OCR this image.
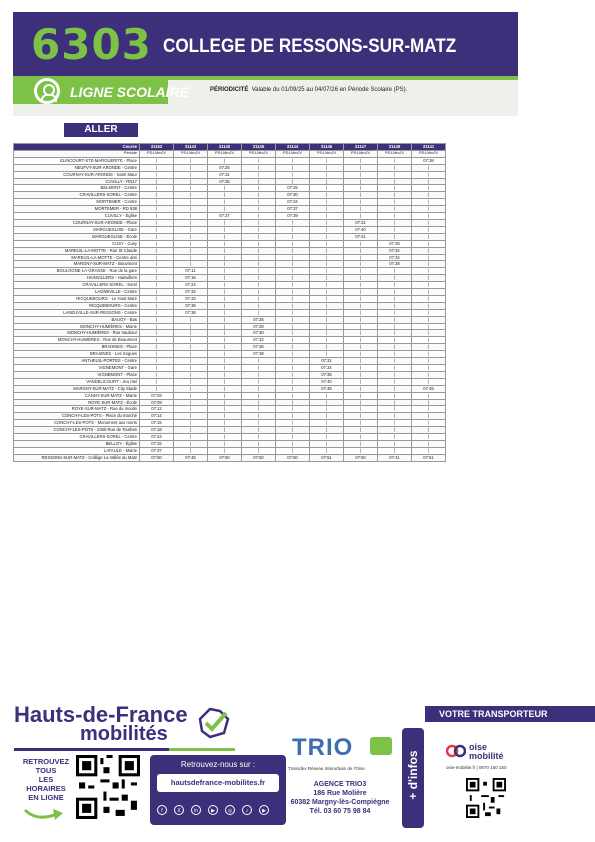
6303 COLLEGE DE RESSONS-SUR-MATZ
LIGNE SCOLAIRE	PÉRIODICITÉ Valable du 01/09/25 au 04/07/26 en Période Scolaire (PS).
ALLER
Course	31162	31143	31140	31145	31144	31146	31147	31149	31141
Période	PS:LMmJV	PS:LMmJV	PS:LMmJV	PS:LMmJV	PS:LMmJV	PS:LMmJV	PS:LMmJV	PS:LMmJV	PS:LMmJV
ELINCOURT-STE-MARGUERITE - Place	|	|	|	|	|	|	|	|	07:38
NEUFVY-SUR-ARONDE - Centre	|	|	07:25	|	|	|	|	|	|
COURNAY-SUR-ARONDE - Saint Maur	|	|	07:31	|	|	|	|	|	|
CUVILLY - RN17	|	|	07:35	|	|	|	|	|	|
BELMONT - Centre	|	|	|	|	07:25	|	|	|	|
CRAVILLERS-SOREL - Centre	|	|	|	|	07:30	|	|	|	|
MORTEMER - Centre	|	|	|	|	07:34	|	|	|	|
MORTEMER - RD 938	|	|	|	|	07:37	|	|	|	|
CUVILLY - Église	|	|	07:37	|	07:39	|	|	|	|
COURNAY-SUR-ARONDE - Place	|	|	|	|	|	|	07:31	|	|
MARGUEGLISE - Gare	|	|	|	|	|	|	07:40	|	|
MARGUEGLISE - École	|	|	|	|	|	|	07:41	|	|
CUSY - Cusy	|	|	|	|	|	|	|	07:26	|
MAREUIL-LA-MOTTE - Rue St Claude	|	|	|	|	|	|	|	07:32	|
MAREUIL-LA-MOTTE - Centre abri	|	|	|	|	|	|	|	07:34	|
MARGNY-SUR-MATZ - Bouvmont	|	|	|	|	|	|	|	07:38	|
BOULOGNE-LA-GRASSE - Rue de la gare	|	07:11	|	|	|	|	|	|	|
HAINVILLERS - Hainvillers	|	07:16	|	|	|	|	|	|	|
CRAVILLERS-SOREL - Sorel	|	07:24	|	|	|	|	|	|	|
LAGNEVILLE - Centre	|	07:32	|	|	|	|	|	|	|
RICQUEBOURG - Le Haut Maré	|	07:33	|	|	|	|	|	|	|
RICQUEBOURG - Centre	|	07:36	|	|	|	|	|	|	|
LANEUVILLE-SUR-RESSONS - Centre	|	07:38	|	|	|	|	|	|	|
BAUGY - Bas	|	|	|	07:25	|	|	|	|	|
MONCHY-HUMIÈRES - Mairie	|	|	|	07:28	|	|	|	|	|
MONCHY-HUMIÈRES - Rue Vaubour	|	|	|	07:30	|	|	|	|	|
MONCHY-HUMIÈRES - Rue de Beaumont	|	|	|	07:32	|	|	|	|	|
BRAISNES - Place	|	|	|	07:36	|	|	|	|	|
BRAISNES - Les Sogues	|	|	|	07:38	|	|	|	|	|
ANTHEUIL-PORTES - Centre	|	|	|	|	|	07:31	|	|	|
VIGNEMONT - Gare	|	|	|	|	|	07:34	|	|	|
VIGNEMONT - Place	|	|	|	|	|	07:36	|	|	|
VANDELICOURT - Jeu ritel	|	|	|	|	|	07:40	|	|	|
MARGNY-SUR-MATZ - City Stade	|	|	|	|	|	07:46	|	|	07:45
CANNY-SUR-MATZ - Mairie	07:03	|	|	|	|	|	|	|	|
ROYE-SUR-MATZ - École	07:09	|	|	|	|	|	|	|	|
ROYE-SUR-MATZ - Rue du moulin	07:12	|	|	|	|	|	|	|	|
CONCHY-LES-POTS - Place du marché	07:14	|	|	|	|	|	|	|	|
CONCHY-LES-POTS - Monument aux morts	07:15	|	|	|	|	|	|	|	|
CONCHY-LES-POTS - 2300 Rue de Tourbes	07:18	|	|	|	|	|	|	|	|
CRAVILLERS-SOREL - Centre	07:24	|	|	|	|	|	|	|	|
BELLOY - Église	07:32	|	|	|	|	|	|	|	|
LATAULE - Mairie	07:37	|	|	|	|	|	|	|	|
RESSONS-SUR-MATZ - Collège La Vallée du Matz	07:50	07:45	07:50	07:50	07:50	07:51	07:50	07:41	07:51
Hauts-de-France
mobilités
VOTRE TRANSPORTEUR
RETROUVEZ
TOUS
LES HORAIRES
EN LIGNE
Retrouvez-nous sur :
hautsdefrance-mobilites.fr
f	X	in	▶	◎	♪	▶
TRIO
Transdev Réseau Interurbain de l'Oise
AGENCE TRIO3
186 Rue Molière
60382 Margny-lès-Compiègne
Tél. 03 60 75 98 84
+ d'infos
oise
mobilité
oise-mobilite.fr | 0970 150 150
